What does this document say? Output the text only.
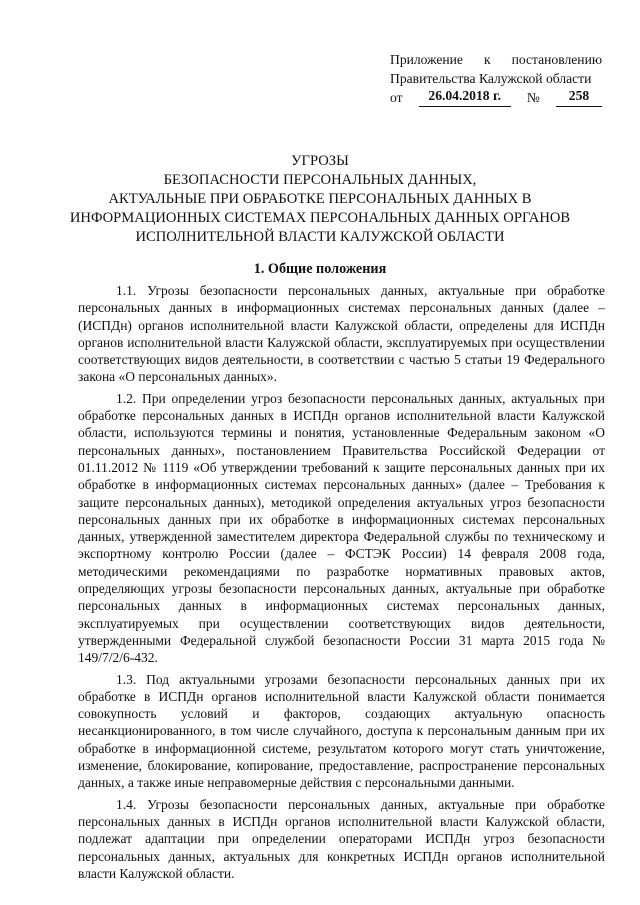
Приложение к постановлению
Правительства Калужской области
от	26.04.2018 г.	№	258
УГРОЗЫ
БЕЗОПАСНОСТИ ПЕРСОНАЛЬНЫХ ДАННЫХ,
АКТУАЛЬНЫЕ ПРИ ОБРАБОТКЕ ПЕРСОНАЛЬНЫХ ДАННЫХ В
ИНФОРМАЦИОННЫХ СИСТЕМАХ ПЕРСОНАЛЬНЫХ ДАННЫХ ОРГАНОВ
ИСПОЛНИТЕЛЬНОЙ ВЛАСТИ КАЛУЖСКОЙ ОБЛАСТИ
1. Общие положения

1.1. Угрозы безопасности персональных данных, актуальные при обработке персональных данных в информационных системах персональных данных (далее – (ИСПДн) органов исполнительной власти Калужской области, определены для ИСПДн органов исполнительной власти Калужской области, эксплуатируемых при осуществлении соответствующих видов деятельности, в соответствии с частью 5 статьи 19 Федерального закона «О персональных данных».

1.2. При определении угроз безопасности персональных данных, актуальных при обработке персональных данных в ИСПДн органов исполнительной власти Калужской области, используются термины и понятия, установленные Федеральным законом «О персональных данных», постановлением Правительства Российской Федерации от 01.11.2012 № 1119 «Об утверждении требований к защите персональных данных при их обработке в информационных системах персональных данных» (далее – Требования к защите персональных данных), методикой определения актуальных угроз безопасности персональных данных при их обработке в информационных системах персональных данных, утвержденной заместителем директора Федеральной службы по техническому и экспортному контролю России (далее – ФСТЭК России) 14 февраля 2008 года, методическими рекомендациями по разработке нормативных правовых актов, определяющих угрозы безопасности персональных данных, актуальные при обработке персональных данных в информационных системах персональных данных, эксплуатируемых при осуществлении соответствующих видов деятельности, утвержденными Федеральной службой безопасности России 31 марта 2015 года № 149/7/2/6-432.

1.3. Под актуальными угрозами безопасности персональных данных при их обработке в ИСПДн органов исполнительной власти Калужской области понимается совокупность условий и факторов, создающих актуальную опасность несанкционированного, в том числе случайного, доступа к персональным данным при их обработке в информационной системе, результатом которого могут стать уничтожение, изменение, блокирование, копирование, предоставление, распространение персональных данных, а также иные неправомерные действия с персональными данными.

1.4. Угрозы безопасности персональных данных, актуальные при обработке персональных данных в ИСПДн органов исполнительной власти Калужской области, подлежат адаптации при определении операторами ИСПДн угроз безопасности персональных данных, актуальных для конкретных ИСПДн органов исполнительной власти Калужской области.
